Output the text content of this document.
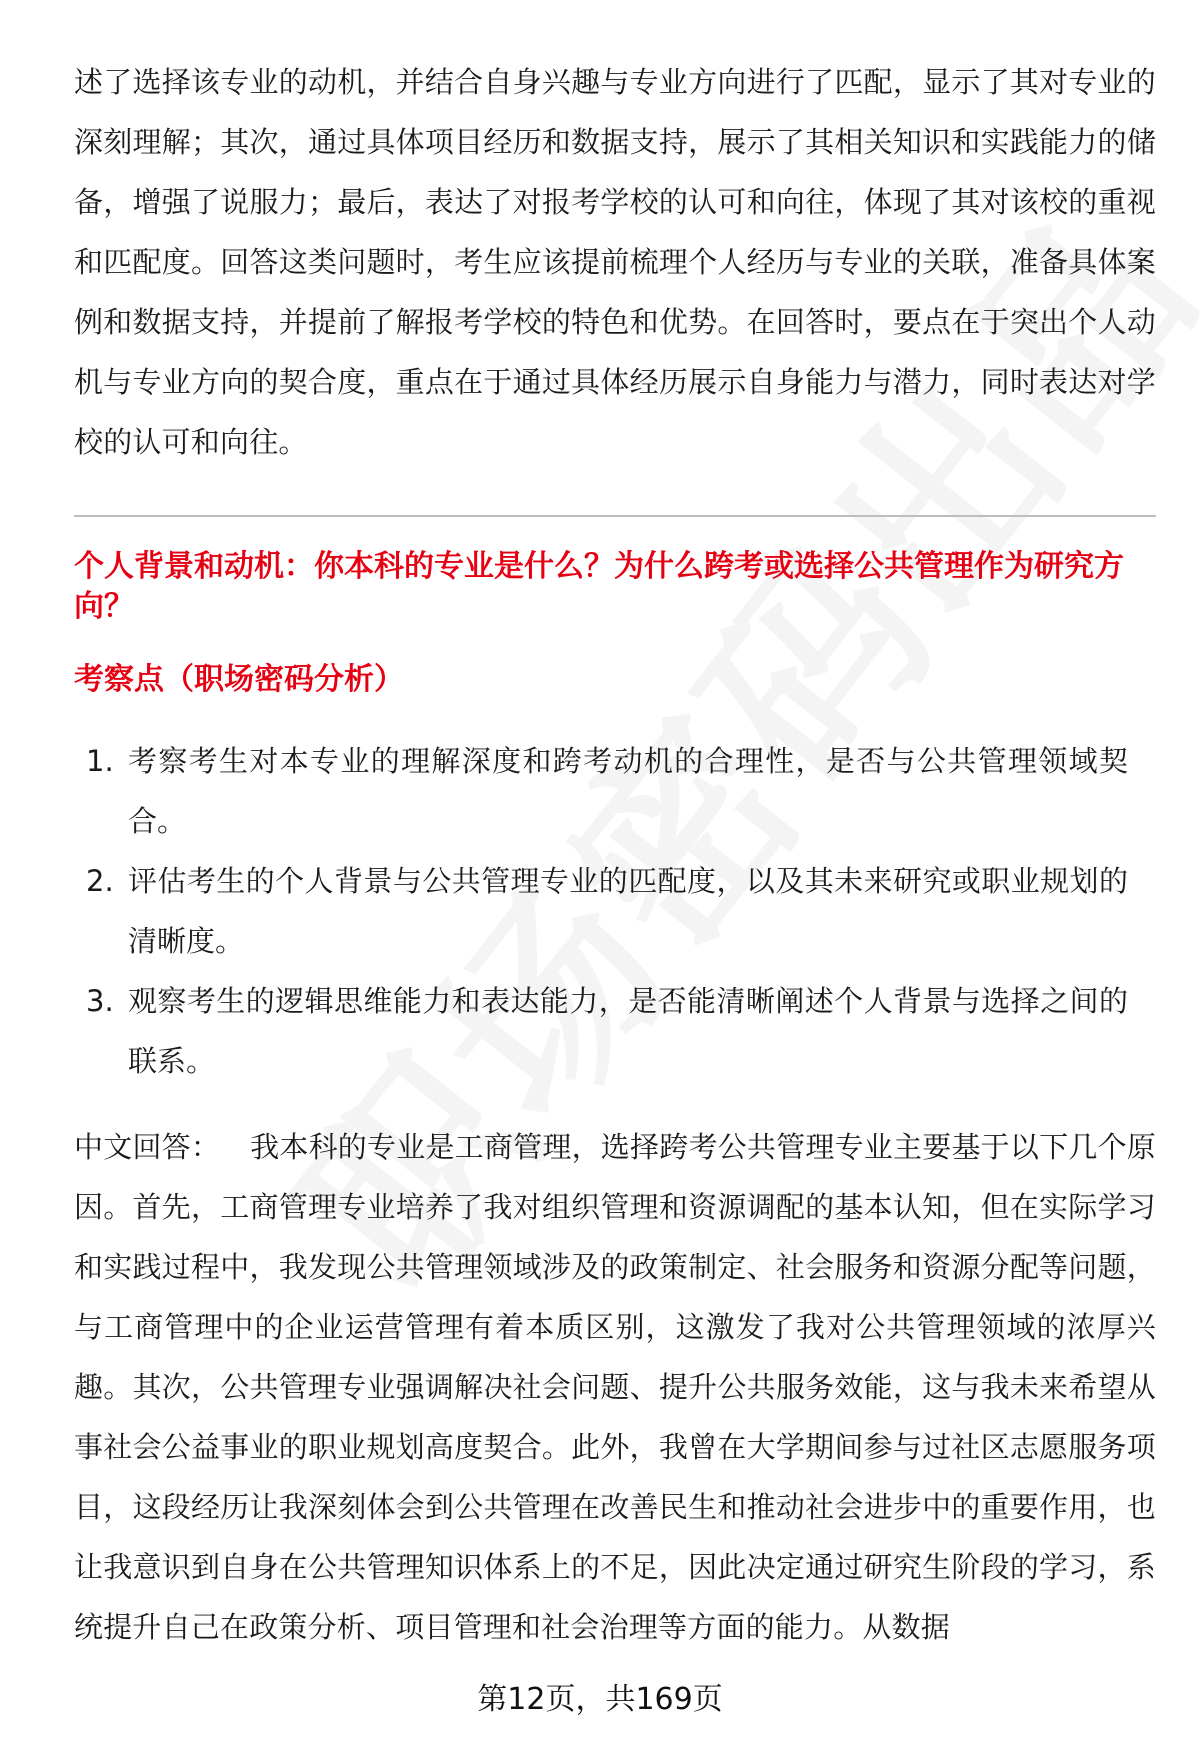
述了选择该专业的动机，并结合自身兴趣与专业方向进行了匹配，显示了其对专业的深刻理解；其次，通过具体项目经历和数据支持，展示了其相关知识和实践能力的储备，增强了说服力；最后，表达了对报考学校的认可和向往，体现了其对该校的重视和匹配度。回答这类问题时，考生应该提前梳理个人经历与专业的关联，准备具体案例和数据支持，并提前了解报考学校的特色和优势。在回答时，要点在于突出个人动机与专业方向的契合度，重点在于通过具体经历展示自身能力与潜力，同时表达对学校的认可和向往。

个人背景和动机：你本科的专业是什么？为什么跨考或选择公共管理作为研究方向？

考察点（职场密码分析）

1. 考察考生对本专业的理解深度和跨考动机的合理性，是否与公共管理领域契合。
2. 评估考生的个人背景与公共管理专业的匹配度，以及其未来研究或职业规划的清晰度。
3. 观察考生的逻辑思维能力和表达能力，是否能清晰阐述个人背景与选择之间的联系。

中文回答： 我本科的专业是工商管理，选择跨考公共管理专业主要基于以下几个原因。首先，工商管理专业培养了我对组织管理和资源调配的基本认知，但在实际学习和实践过程中，我发现公共管理领域涉及的政策制定、社会服务和资源分配等问题，与工商管理中的企业运营管理有着本质区别，这激发了我对公共管理领域的浓厚兴趣。其次，公共管理专业强调解决社会问题、提升公共服务效能，这与我未来希望从事社会公益事业的职业规划高度契合。此外，我曾在大学期间参与过社区志愿服务项目，这段经历让我深刻体会到公共管理在改善民生和推动社会进步中的重要作用，也让我意识到自身在公共管理知识体系上的不足，因此决定通过研究生阶段的学习，系统提升自己在政策分析、项目管理和社会治理等方面的能力。从数据

第12页，共169页
